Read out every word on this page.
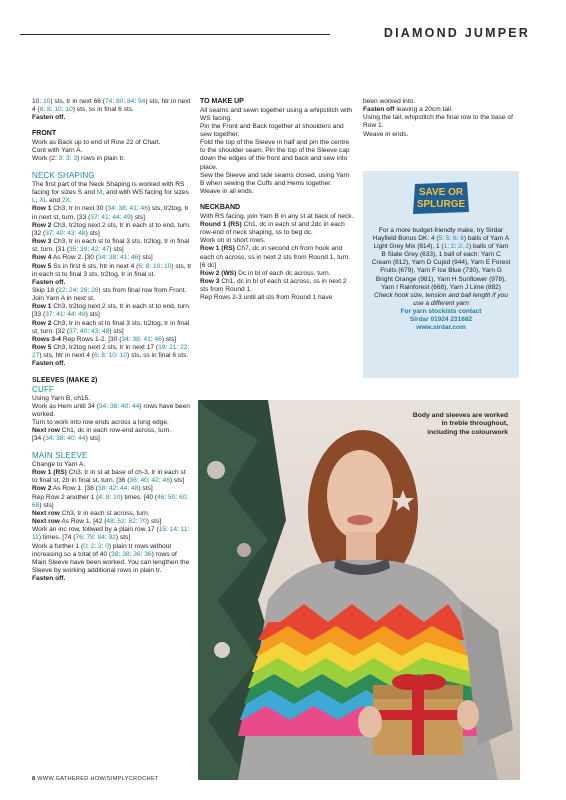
DIAMOND JUMPER

10: 10) sts, tr in next 66 (74: 80: 84: 94) sts, htr in next 4 (6: 8: 10: 10) sts, ss in final 6 sts.
Fasten off.

FRONT

Work as Back up to end of Row 22 of Chart.

Cont with Yarn A.

Work (2: 3: 3: 3) rows in plain tr.

NECK SHAPING

The first part of the Neck Shaping is worked with RS facing for sizes S and M, and with WS facing for sizes L, XL and 2X.

Row 1 Ch3, tr in next 30 (34: 38: 41: 46) sts, tr2tog, tr in next st, turn. [33 (37: 41: 44: 49) sts]

Row 2 Ch3, tr2tog next 2 sts, tr in each st to end, turn. [32 (37: 40: 43: 48) sts]

Row 3 Ch3, tr in each st to final 3 sts, tr2tog, tr in final st, turn. [31 (35: 39: 42: 47) sts]

Row 4 As Row 2. [30 (34: 38: 41: 46) sts]

Row 5 Ss in first 6 sts, htr in next 4 (6: 8: 10: 10) sts, tr in each st to final 3 sts, tr2tog, tr in final st.

Fasten off.

Skip 18 (22: 24: 26: 26) sts from final row from Front.

Join Yarn A in next st.

Row 1 Ch3, tr2tog next 2 sts, tr in each st to end, turn. [33 (37: 41: 44: 49) sts]

Row 2 Ch3, tr in each st to final 3 sts, tr2tog, tr in final st, turn. [32 (37: 40: 43: 48) sts]

Rows 3-4 Rep Rows 1-2. [30 (34: 38: 41: 46) sts]

Row 5 Ch3, tr2tog next 2 sts, tr in next 17 (19: 21: 22: 27) sts, htr in next 4 (6: 8: 10: 10) sts, ss in final 6 sts.

Fasten off.

SLEEVES (MAKE 2)

CUFF

Using Yarn B, ch15.

Work as Hem until 34 (34: 38: 40: 44) rows have been worked.

Turn to work into row ends across a long edge.

Next row Ch1, dc in each row-end across, turn.

[34 (34: 38: 40: 44) sts]

MAIN SLEEVE

Change to Yarn A.

Row 1 (RS) Ch3, tr in st at base of ch-3, tr in each st to final st, 2tr in final st, turn. [36 (36: 40: 42: 46) sts]

Row 2 As Row 1. [38 (38: 42: 44: 48) sts]

Rep Row 2 another 1 (4: 8: 10) times. [40 (46: 50: 60: 68) sts]

Next row Ch3, tr in each st across, turn.

Next row As Row 1. [42 (48: 52: 62: 70) sts]

Work an inc row, follwed by a plain row 17 (15: 14: 11: 11) times. [74 (76: 78: 84: 92) sts]

Work a further 1 (0: 2: 2: 0) plain tr rows without increasing so a total of 40 (38: 38: 36: 36) rows of Main Sleeve have been worked. You can lengthen the Sleeve by working additional rows in plain tr.

Fasten off.

TO MAKE UP

All seams and sewn together using a whipstitch with WS facing.

Pin the Front and Back together at shoulders and sew together.

Fold the top of the Sleeve in half and pin the centre to the shoulder seam. Pin the top of the Sleeve cap down the edges of the front and back and sew into place.

Sew the Sleeve and side seams closed, using Yarn B when sewing the Cuffs and Hems together.

Weave in all ends.

NECKBAND

With RS facing, join Yarn B in any st at back of neck.

Round 1 (RS) Ch1, dc in each st and 2dc in each row-end of neck shaping, ss to beg dc.

Work on in short rows.

Row 1 (RS) Ch7, dc in second ch from hook and each ch across, ss in next 2 sts from Round 1, turn. [6 dc]

Row 2 (WS) Dc in bl of each dc across, turn.

Row 3 Ch1, dc in bl of each st across, ss in next 2 sts from Round 1.

Rep Rows 2-3 until all sts from Round 1 have

been worked into.

Fasten off leaving a 20cm tail.

Using the tail, whipstitch the final row to the base of Row 1.

Weave in ends.

SAVE OR
SPLURGE

For a more budget-friendly make, try Sirdar Hayfield Bonus DK: 4 (5: 5: 6: 6) balls of Yarn A Light Grey Mix (814), 1 (1: 2: 2: 2) balls of Yarn B Slate Grey (633), 1 ball of each: Yarn C Cream (812), Yarn D Cupid (944), Yarn E Forest Fruits (679), Yarn F Ice Blue (730), Yarn G Bright Orange (981), Yarn H Sunflower (978), Yarn I Rainforest (668), Yarn J Lime (882)

Check hook size, tension and ball length if you use a different yarn

For yarn stockists contact

Sirdar 01924 231682

www.sirdar.com

Body and sleeves are worked in treble throughout, including the colourwork
8 WWW.GATHERED.HOW/SIMPLYCROCHET
PassionForum.ru
